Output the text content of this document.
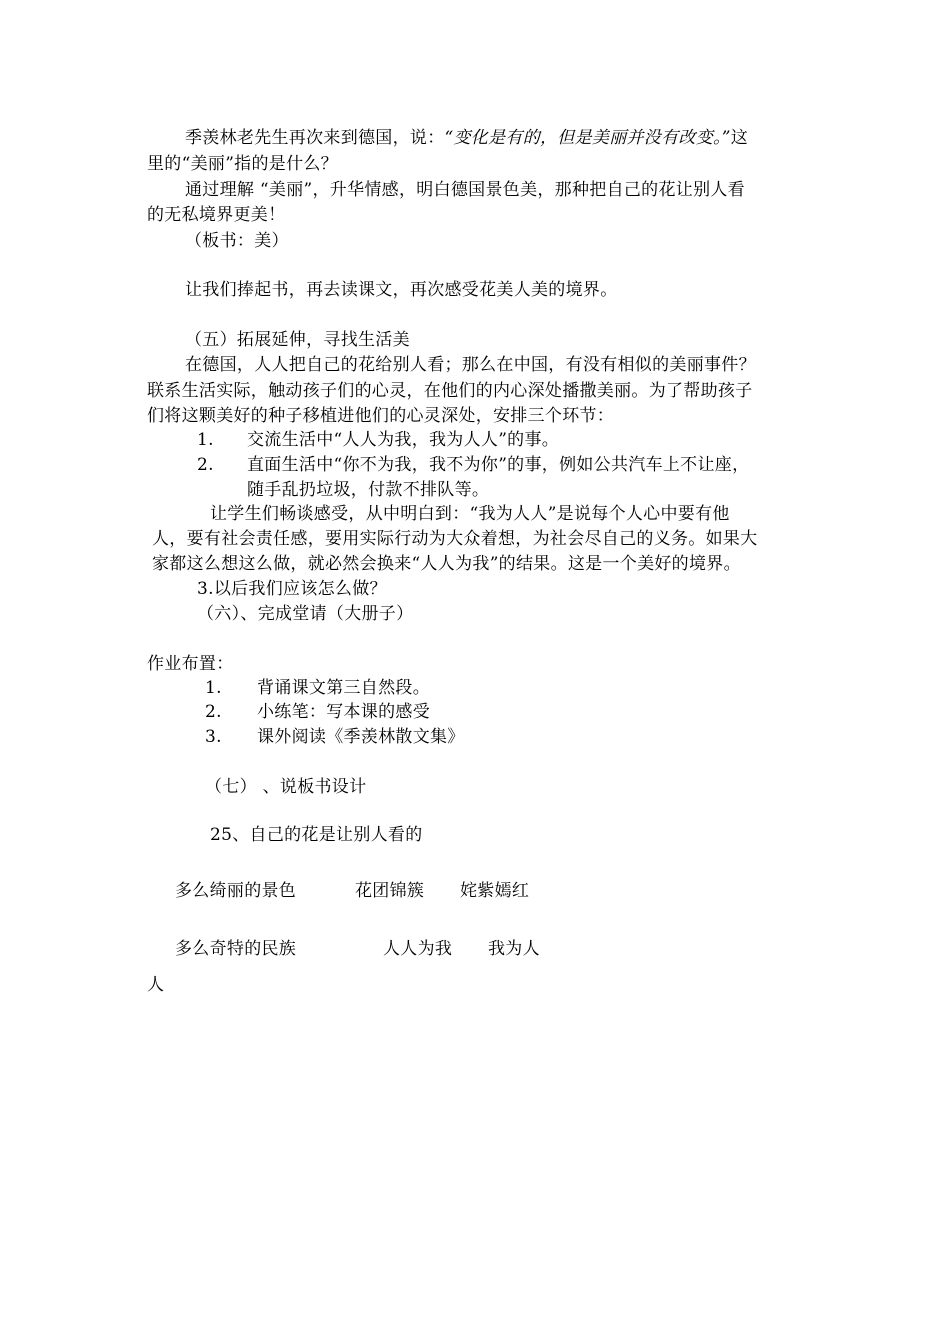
季羡林老先生再次来到德国，说：“变化是有的，但是美丽并没有改变。”这
里的“美丽”指的是什么？
通过理解 “美丽”，升华情感，明白德国景色美，那种把自己的花让别人看
的无私境界更美！
（板书：美）
让我们捧起书，再去读课文，再次感受花美人美的境界。
（五）拓展延伸，寻找生活美
在德国，人人把自己的花给别人看；那么在中国，有没有相似的美丽事件？
联系生活实际，触动孩子们的心灵，在他们的内心深处播撒美丽。为了帮助孩子
们将这颗美好的种子移植进他们的心灵深处，安排三个环节：
1. 交流生活中“人人为我，我为人人”的事。
2. 直面生活中“你不为我，我不为你”的事，例如公共汽车上不让座，
随手乱扔垃圾，付款不排队等。
让学生们畅谈感受，从中明白到：“我为人人”是说每个人心中要有他
人，要有社会责任感，要用实际行动为大众着想，为社会尽自己的义务。如果大
家都这么想这么做，就必然会换来“人人为我”的结果。这是一个美好的境界。
3.以后我们应该怎么做？
（六）、完成堂请（大册子）
作业布置：
1. 背诵课文第三自然段。
2. 小练笔：写本课的感受
3. 课外阅读《季羡林散文集》
（七） 、说板书设计
25、自己的花是让别人看的
多么绮丽的景色	花团锦簇 姹紫嫣红
多么奇特的民族	人人为我 我为人
人
